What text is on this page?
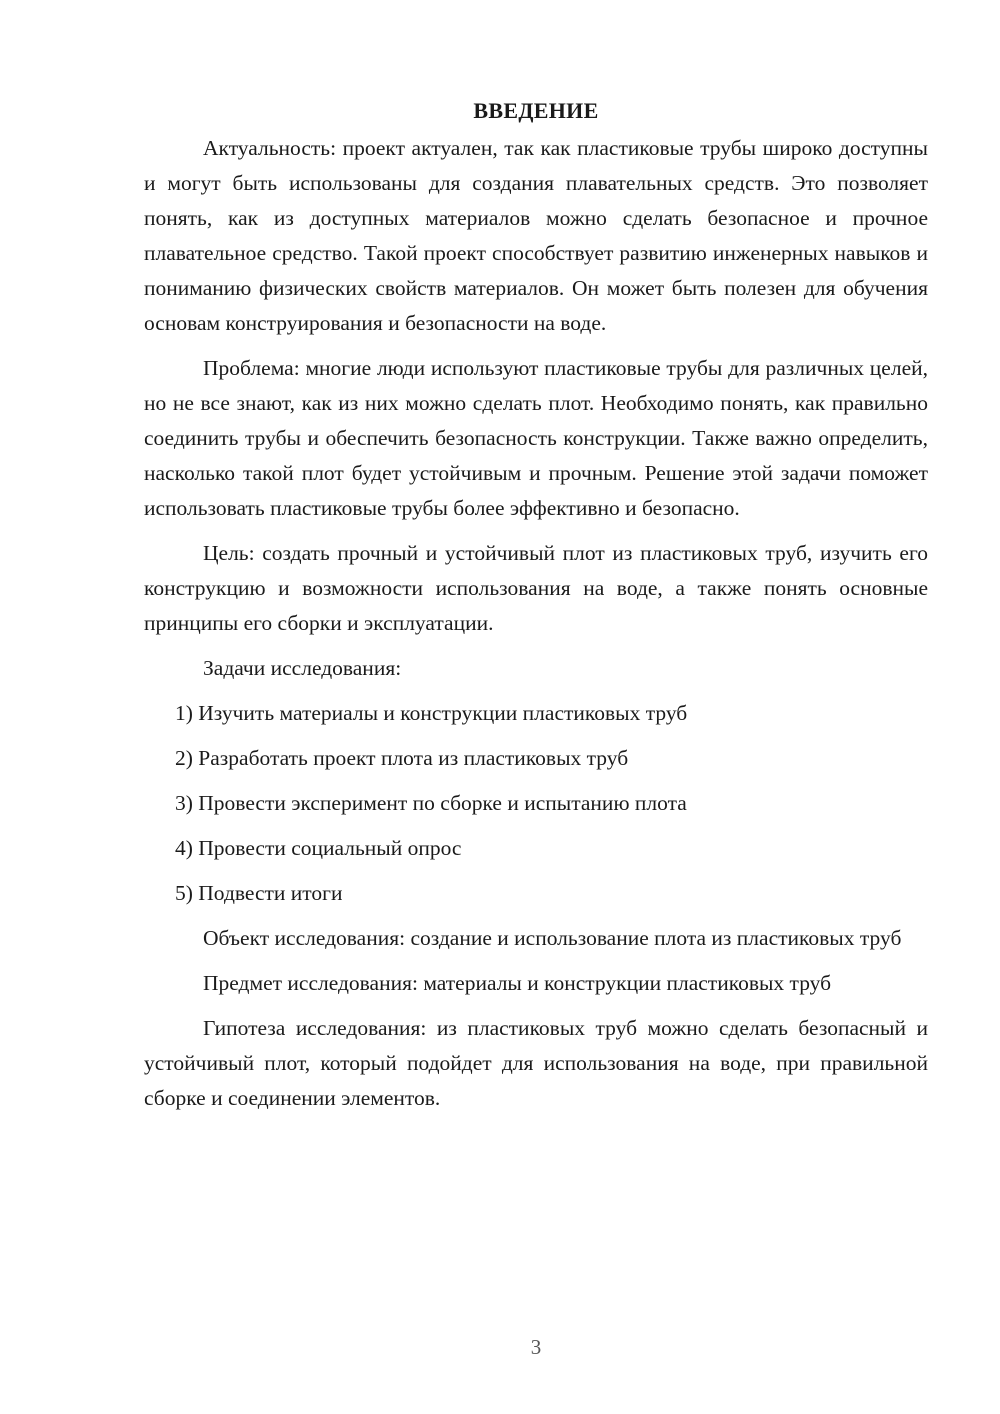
ВВЕДЕНИЕ

Актуальность: проект актуален, так как пластиковые трубы широко доступны и могут быть использованы для создания плавательных средств. Это позволяет понять, как из доступных материалов можно сделать безопасное и прочное плавательное средство. Такой проект способствует развитию инженерных навыков и пониманию физических свойств материалов. Он может быть полезен для обучения основам конструирования и безопасности на воде.

Проблема: многие люди используют пластиковые трубы для различных целей, но не все знают, как из них можно сделать плот. Необходимо понять, как правильно соединить трубы и обеспечить безопасность конструкции. Также важно определить, насколько такой плот будет устойчивым и прочным. Решение этой задачи поможет использовать пластиковые трубы более эффективно и безопасно.

Цель: создать прочный и устойчивый плот из пластиковых труб, изучить его конструкцию и возможности использования на воде, а также понять основные принципы его сборки и эксплуатации.

Задачи исследования:

1) Изучить материалы и конструкции пластиковых труб
2) Разработать проект плота из пластиковых труб
3) Провести эксперимент по сборке и испытанию плота
4) Провести социальный опрос
5) Подвести итоги

Объект исследования: создание и использование плота из пластиковых труб

Предмет исследования: материалы и конструкции пластиковых труб

Гипотеза исследования: из пластиковых труб можно сделать безопасный и устойчивый плот, который подойдет для использования на воде, при правильной сборке и соединении элементов.

3
